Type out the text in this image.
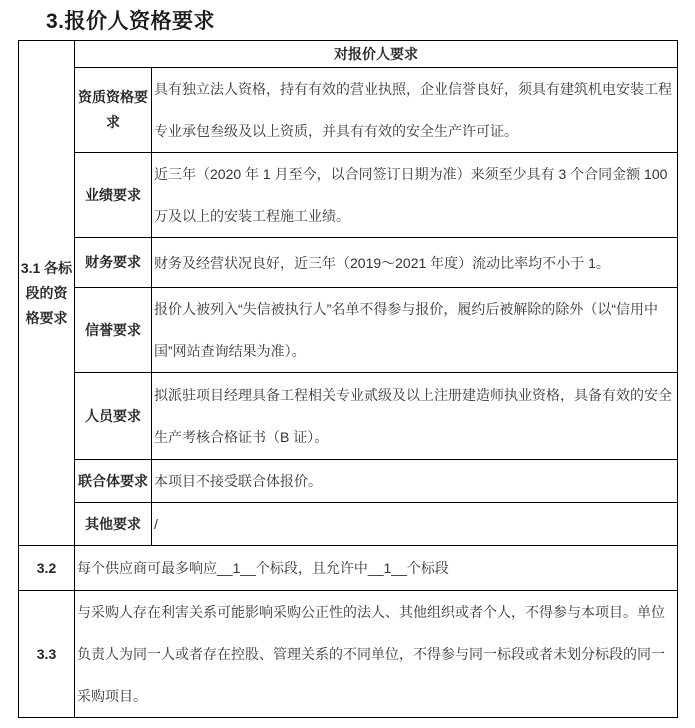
3.报价人资格要求
3.1 各标段的资格要求	对报价人要求	
	资质资格要求	具有独立法人资格，持有有效的营业执照，企业信誉良好，须具有建筑机电安装工程专业承包叁级及以上资质，并具有有效的安全生产许可证。
	业绩要求	近三年（2020 年 1 月至今，以合同签订日期为准）来须至少具有 3 个合同金额 100 万及以上的安装工程施工业绩。
	财务要求	财务及经营状况良好，近三年（2019～2021 年度）流动比率均不小于 1。
	信誉要求	报价人被列入“失信被执行人”名单不得参与报价，履约后被解除的除外（以“信用中国”网站查询结果为准）。
	人员要求	拟派驻项目经理具备工程相关专业贰级及以上注册建造师执业资格，具备有效的安全生产考核合格证书（B 证）。
	联合体要求	本项目不接受联合体报价。
	其他要求	/
3.2	每个供应商可最多响应__1__个标段，且允许中__1__个标段	
3.3	与采购人存在利害关系可能影响采购公正性的法人、其他组织或者个人，不得参与本项目。单位负责人为同一人或者存在控股、管理关系的不同单位，不得参与同一标段或者未划分标段的同一采购项目。	
